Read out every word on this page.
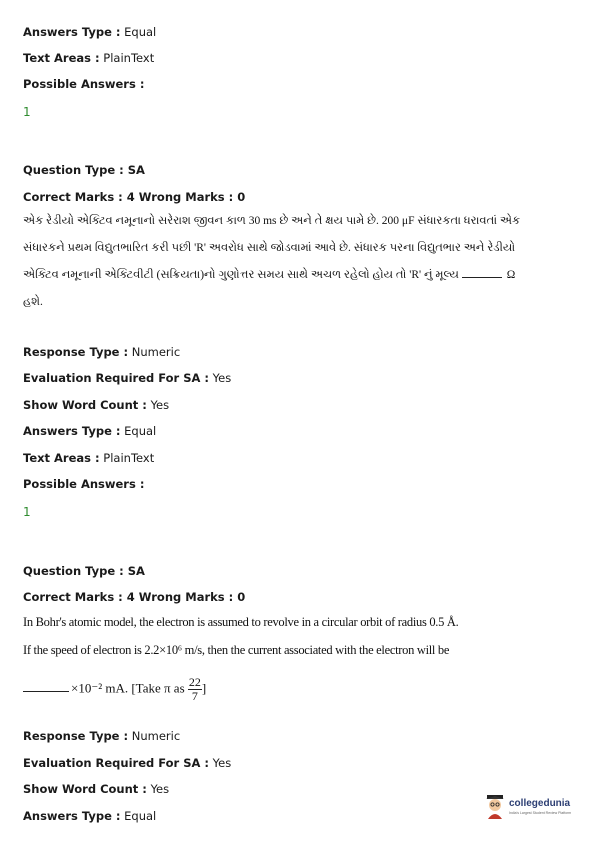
Answers Type : Equal
Text Areas : PlainText
Possible Answers :
1
Question Type : SA
Correct Marks : 4 Wrong Marks : 0

એક રેડીયો એક્ટિવ નમૂનાનો સરેરાશ જીવન કાળ 30 ms છે અને તે ક્ષય પામે છે. 200 μF સંધારકતા ધરાવતાં એક

સંધારકને પ્રથમ વિદ્યુતભારિત કરી પછી 'R' અવરોધ સાથે જોડવામાં આવે છે. સંધારક પરના વિદ્યુતભાર અને રેડીયો

એક્ટિવ નમૂનાની એક્ટિવીટી (સક્રિયતા)નો ગુણોત્તર સમય સાથે અચળ રહેલો હોય તો 'R' નું મૂલ્ય	Ω

હશે.

Response Type : Numeric
Evaluation Required For SA : Yes
Show Word Count : Yes
Answers Type : Equal
Text Areas : PlainText
Possible Answers :
1
Question Type : SA
Correct Marks : 4 Wrong Marks : 0
In Bohr's atomic model, the electron is assumed to revolve in a circular orbit of radius 0.5 Å.
If the speed of electron is 2.2×10⁶ m/s, then the current associated with the electron will be
×10⁻² mA. [Take π as $\frac{22}{7}$ ]
Response Type : Numeric
Evaluation Required For SA : Yes
Show Word Count : Yes
Answers Type : Equal
collegedunia
India's Largest Student Review Platform
